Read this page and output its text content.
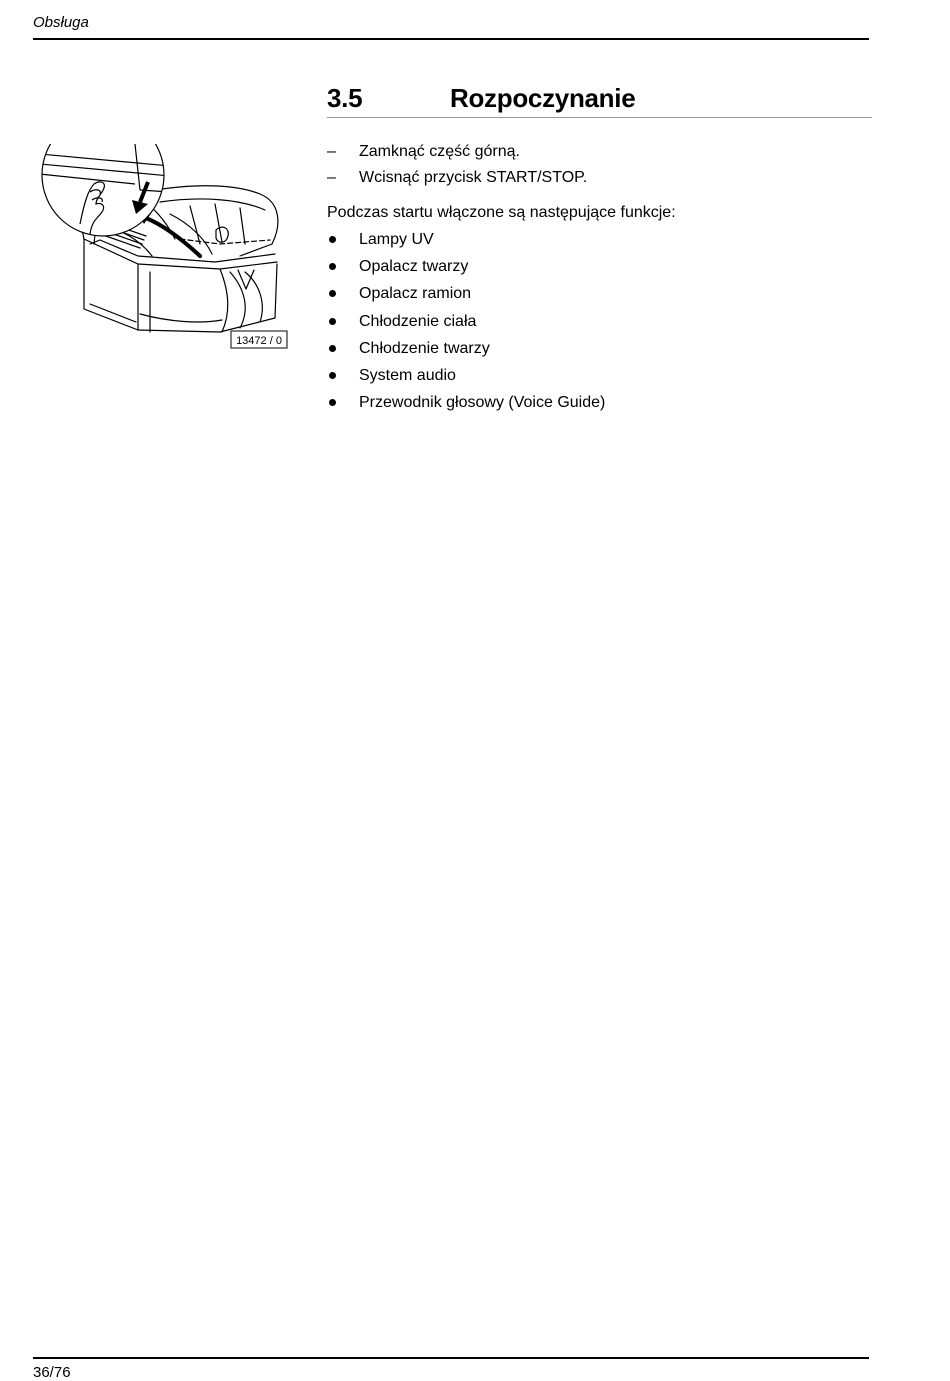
Obsługa
3.5	Rozpoczynanie
13472 / 0
–	Zamknąć część górną.
–	Wcisnąć przycisk START/STOP.
Podczas startu włączone są następujące funkcje:
Lampy UV
Opalacz twarzy
Opalacz ramion
Chłodzenie ciała
Chłodzenie twarzy
System audio
Przewodnik głosowy (Voice Guide)
36/76
